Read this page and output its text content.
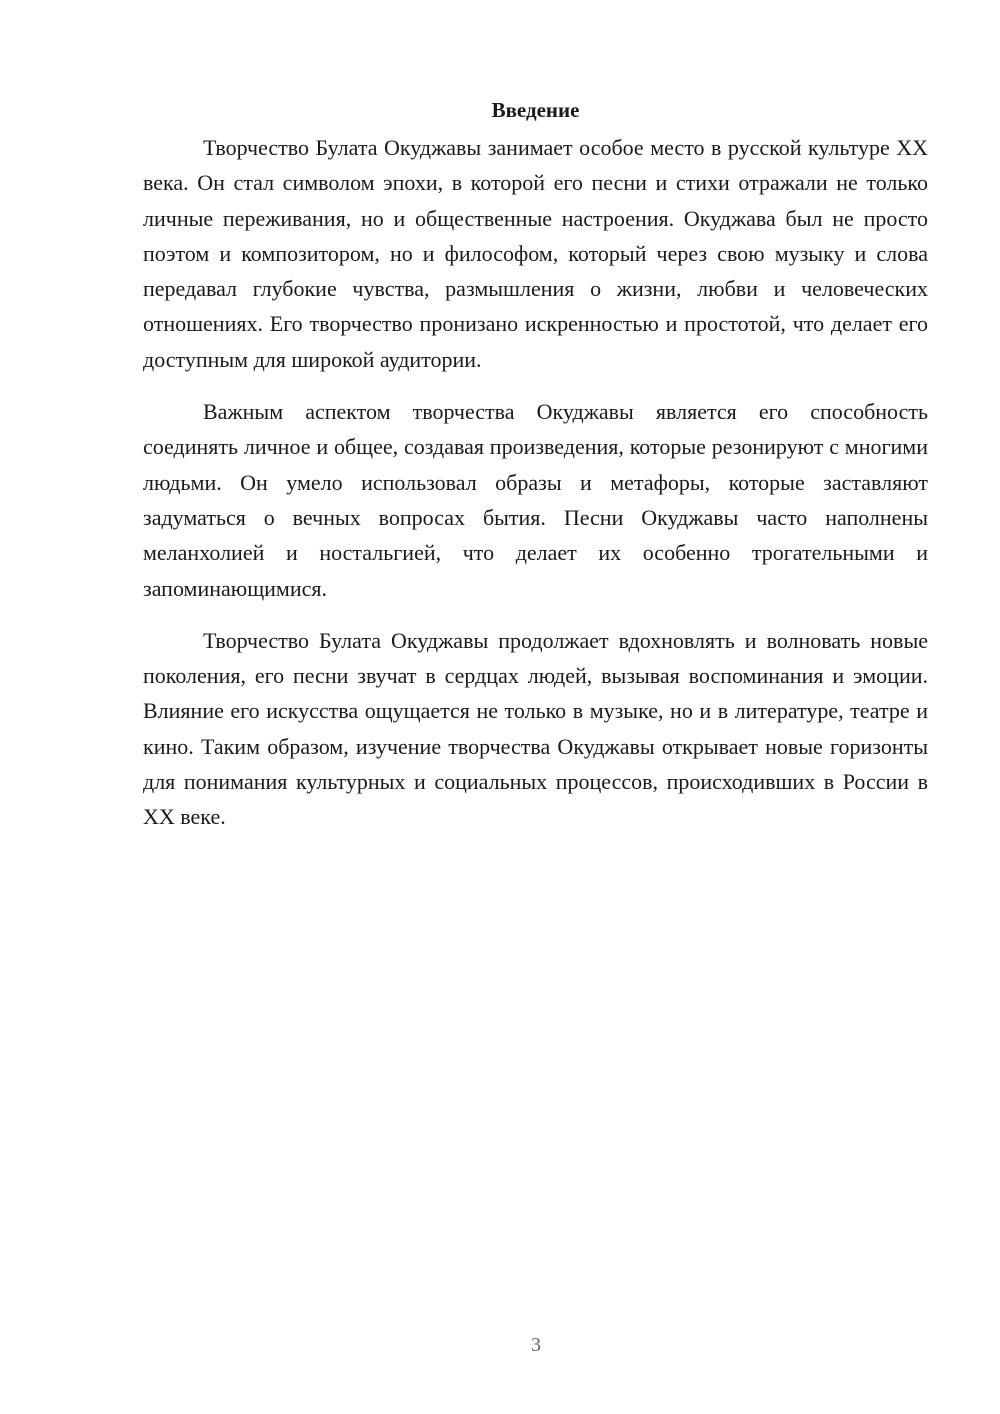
Введение

Творчество Булата Окуджавы занимает особое место в русской культуре XX века. Он стал символом эпохи, в которой его песни и стихи отражали не только личные переживания, но и общественные настроения. Окуджава был не просто поэтом и композитором, но и философом, который через свою музыку и слова передавал глубокие чувства, размышления о жизни, любви и человеческих отношениях. Его творчество пронизано искренностью и простотой, что делает его доступным для широкой аудитории.

Важным аспектом творчества Окуджавы является его способность соединять личное и общее, создавая произведения, которые резонируют с многими людьми. Он умело использовал образы и метафоры, которые заставляют задуматься о вечных вопросах бытия. Песни Окуджавы часто наполнены меланхолией и ностальгией, что делает их особенно трогательными и запоминающимися.

Творчество Булата Окуджавы продолжает вдохновлять и волновать новые поколения, его песни звучат в сердцах людей, вызывая воспоминания и эмоции. Влияние его искусства ощущается не только в музыке, но и в литературе, театре и кино. Таким образом, изучение творчества Окуджавы открывает новые горизонты для понимания культурных и социальных процессов, происходивших в России в XX веке.

3
